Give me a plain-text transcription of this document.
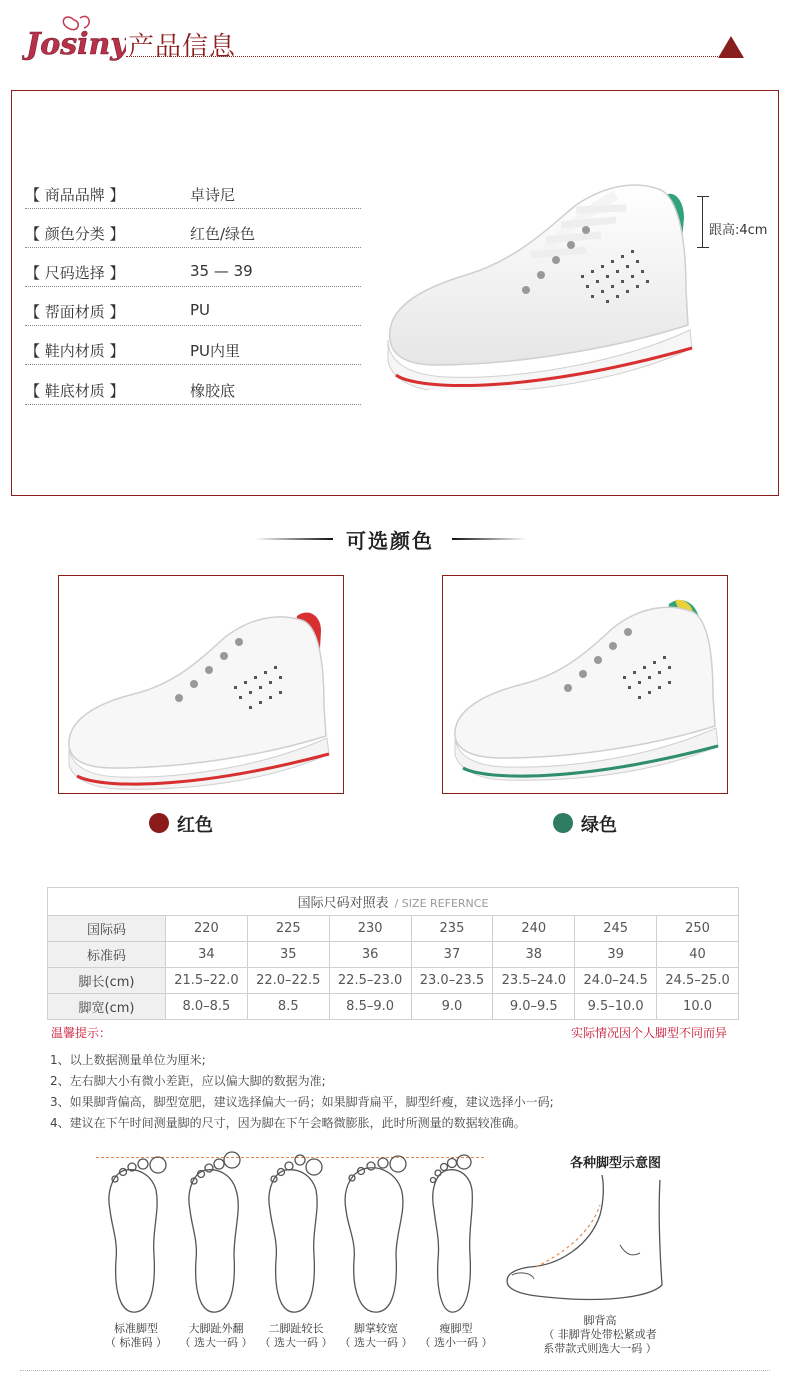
Josiny 产品信息
【 商品品牌 】	卓诗尼
【 颜色分类 】	红色/绿色
【 尺码选择 】	35 — 39
【 帮面材质 】	PU
【 鞋内材质 】	PU内里
【 鞋底材质 】	橡胶底
跟高:4cm
可选颜色
红色	绿色
国际尺码对照表 / SIZE REFERNCE							
国际码	220	225	230	235	240	245	250
标准码	34	35	36	37	38	39	40
脚长(cm)	21.5–22.0	22.0–22.5	22.5–23.0	23.0–23.5	23.5–24.0	24.0–24.5	24.5–25.0
脚宽(cm)	8.0–8.5	8.5	8.5–9.0	9.0	9.0–9.5	9.5–10.0	10.0
温馨提示：	实际情况因个人脚型不同而异
1、以上数据测量单位为厘米;
2、左右脚大小有微小差距，应以偏大脚的数据为准;
3、如果脚背偏高，脚型宽肥，建议选择偏大一码；如果脚背扁平，脚型纤瘦，建议选择小一码;
4、建议在下午时间测量脚的尺寸，因为脚在下午会略微膨胀，此时所测量的数据较准确。
标准脚型
（ 标准码 ）
大脚趾外翻
（ 选大一码 ）
二脚趾较长
（ 选大一码 ）
脚掌较宽
（ 选大一码 ）
瘦脚型
（ 选小一码 ）
各种脚型示意图
脚背高
（ 非脚背处带松紧或者
系带款式则选大一码 ）
